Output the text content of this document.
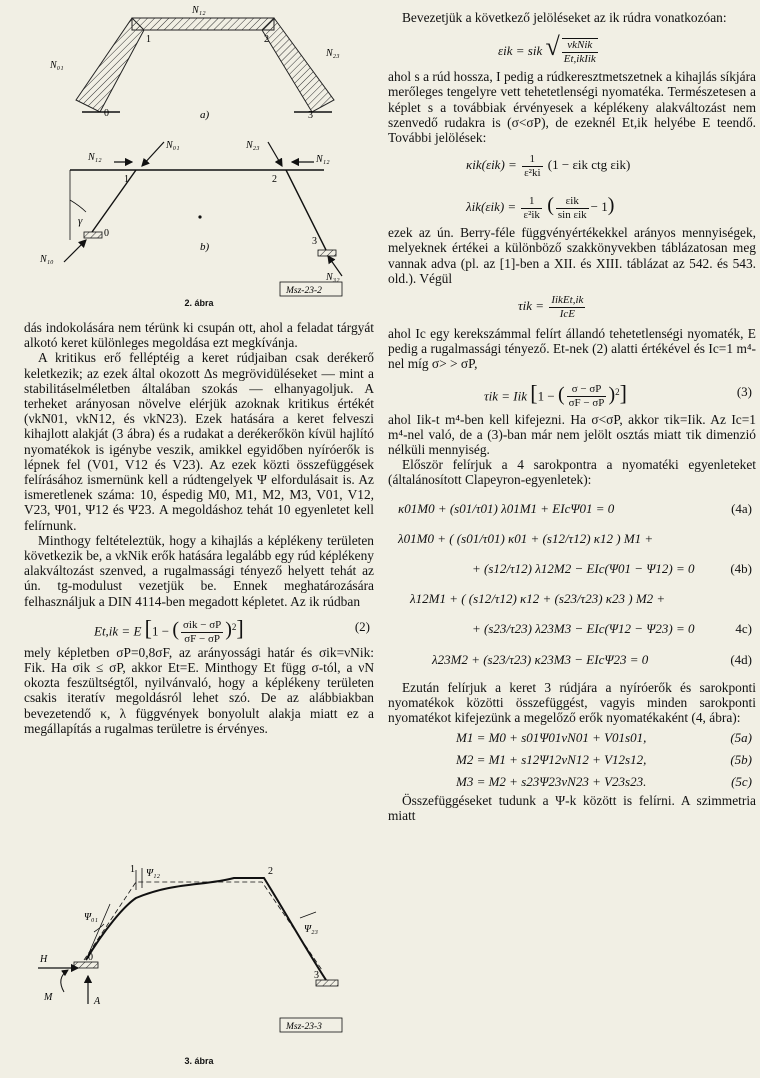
N₁₂
N₀₁
N₂₃
1	2
0	3
a)
N₁₂
N₀₁	N₂₃
N₁₂
1	2
γ
0
3
N₁₀
N₃₂
b)
Msz-23-2
2. ábra

dás indokolására nem térünk ki csupán ott, ahol a feladat tárgyát alkotó keret különleges megoldása ezt megkívánja.

A kritikus erő felléptéig a keret rúdjaiban csak derékerő keletkezik; az ezek által okozott Δs megrövidüléseket — mint a stabilitáselméletben általában szokás — elhanyagoljuk. A terheket arányosan növelve elérjük azoknak kritikus értékét (νkN01, νkN12, és νkN23). Ezek hatására a keret felveszi kihajlott alakját (3 ábra) és a rudakat a derékerőkön kívül hajlító nyomatékok is igénybe veszik, amikkel egyidőben nyíróerők is lépnek fel (V01, V12 és V23). Az ezek közti összefüggések felírásához ismernünk kell a rúdtengelyek Ψ elfordulásait is. Az ismeretlenek száma: 10, éspedig M0, M1, M2, M3, V01, V12, V23, Ψ01, Ψ12 és Ψ23. A megoldáshoz tehát 10 egyenletet kell felírnunk.

Minthogy feltételeztük, hogy a kihajlás a képlékeny területen következik be, a νkNik erők hatására legalább egy rúd képlékeny alakváltozást szenved, a rugalmassági tényező helyett tehát az ún. tg-modulust vezetjük be. Ennek meghatározására felhasználjuk a DIN 4114-ben megadott képletet. Az ik rúdban

Et,ik = E [1 − ( $\frac{\text{σik − σP}}{\sigma F - \sigma P} )^2$]	(2)

mely képletben σP=0,8σF, az arányossági határ és σik=νNik: Fik. Ha σik ≤ σP, akkor Et=E. Minthogy Et függ σ-tól, a νN okozta feszültségtől, nyilvánvaló, hogy a képlékeny területen csakis iteratív megoldásról lehet szó. De az alábbiakban bevezetendő κ, λ függvények bonyolult alakja miatt ez a megállapítás a rugalmas területre is érvényes.

1 Ψ₁₂	2
Ψ₀₁
Ψ₂₃
H	0
3
M	A
Msz-23-3
3. ábra

Bevezetjük a következő jelöléseket az ik rúdra vonatkozóan:

εik = sik √ $\frac{\text{νkNik}}{\text{Et,ikIik}}$

ahol s a rúd hossza, I pedig a rúdkeresztmetszetnek a kihajlás síkjára merőleges tengelyre vett tehetetlenségi nyomatéka. Természetesen a képlet s a továbbiak érvényesek a képlékeny alakváltozást nem szenvedő rudakra is (σ<σP), de ezeknél Et,ik helyébe E teendő. További jelölések:

$\kappa ik(\varepsilon ik) = \frac{1}{\text{ε²ki}} (1 - \varepsilon ik$ ctg εik)
$\lambda ik(\varepsilon ik) = \frac{1}{\text{ε²ik}}$ ( $\frac{\text{εik}}{\text{sin εik}} - 1$)

ezek az ún. Berry-féle függvényértékekkel arányos mennyiségek, melyeknek értékei a különböző szakkönyvekben táblázatosan meg vannak adva (pl. az [1]-ben a XII. és XIII. táblázat az 542. és 543. old.). Végül

$\tau ik = \frac{\text{IikEt,ik}}{\text{IcE}}$

ahol Ic egy kerekszámmal felírt állandó tehetetlenségi nyomaték, E pedig a rugalmassági tényező. Et-nek (2) alatti értékével és Ic=1 m⁴-nel míg σ> > σP,

τik = Iik [1 − ( $\frac{\sigma - \sigma P}{\sigma F - \sigma P} )^2$]	(3)

ahol Iik-t m⁴-ben kell kifejezni. Ha σ<σP, akkor τik=Iik. Az Ic=1 m⁴-nel való, de a (3)-ban már nem jelölt osztás miatt τik dimenzió nélküli mennyiség.

Először felírjuk a 4 sarokpontra a nyomatéki egyenleteket (általánosított Clapeyron-egyenletek):

κ01M0 + (s01/τ01) λ01M1 + EIcΨ01 = 0	(4a)
λ01M0 + ( (s01/τ01) κ01 + (s12/τ12) κ12 ) M1 +
+ (s12/τ12) λ12M2 − EIc(Ψ01 − Ψ12) = 0	(4b)
λ12M1 + ( (s12/τ12) κ12 + (s23/τ23) κ23 ) M2 +
+ (s23/τ23) λ23M3 − EIc(Ψ12 − Ψ23) = 0	4c)
λ23M2 + (s23/τ23) κ23M3 − EIcΨ23 = 0	(4d)

Ezután felírjuk a keret 3 rúdjára a nyíróerők és sarokponti nyomatékok közötti összefüggést, vagyis minden sarokponti nyomatékot kifejezünk a megelőző erők nyomatékaként (4, ábra):

M1 = M0 + s01Ψ01νN01 + V01s01,	(5a)
M2 = M1 + s12Ψ12νN12 + V12s12,	(5b)
M3 = M2 + s23Ψ23νN23 + V23s23.	(5c)

Összefüggéseket tudunk a Ψ-k között is felírni. A szimmetria miatt
